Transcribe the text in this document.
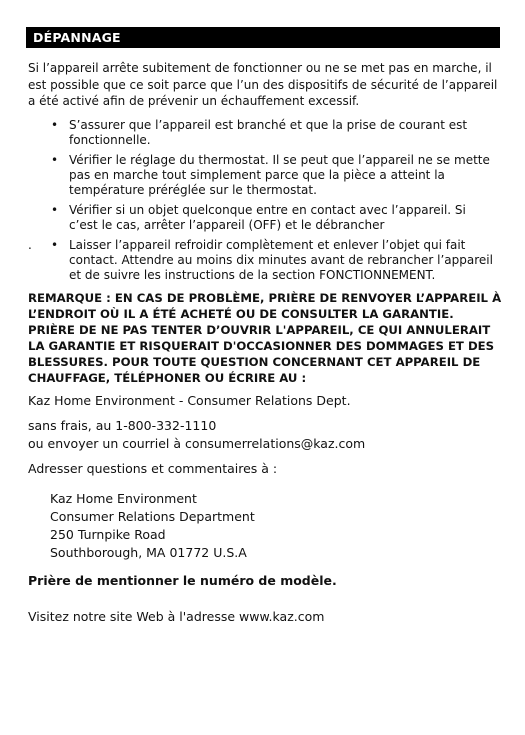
DÉPANNAGE

Si l’appareil arrête subitement de fonctionner ou ne se met pas en marche, il est possible que ce soit parce que l’un des dispositifs de sécurité de l’appareil a été activé afin de prévenir un échauffement excessif.

• S’assurer que l’appareil est branché et que la prise de courant est fonctionnelle.
• Vérifier le réglage du thermostat. Il se peut que l’appareil ne se mette pas en marche tout simplement parce que la pièce a atteint la température préréglée sur le thermostat.
• Vérifier si un objet quelconque entre en contact avec l’appareil. Si c’est le cas, arrêter l’appareil (OFF) et le débrancher
.	• Laisser l’appareil refroidir complètement et enlever l’objet qui fait contact. Attendre au moins dix minutes avant de rebrancher l’appareil et de suivre les instructions de la section FONCTIONNEMENT.

REMARQUE : EN CAS DE PROBLÈME, PRIÈRE DE RENVOYER L’APPAREIL À L’ENDROIT OÙ IL A ÉTÉ ACHETÉ OU DE CONSULTER LA GARANTIE. PRIÈRE DE NE PAS TENTER D’OUVRIR L'APPAREIL, CE QUI ANNULERAIT LA GARANTIE ET RISQUERAIT D'OCCASIONNER DES DOMMAGES ET DES BLESSURES. POUR TOUTE QUESTION CONCERNANT CET APPAREIL DE CHAUFFAGE, TÉLÉPHONER OU ÉCRIRE AU :

Kaz Home Environment - Consumer Relations Dept.

sans frais, au 1-800-332-1110

ou envoyer un courriel à consumerrelations@kaz.com

Adresser questions et commentaires à :

Kaz Home Environment
Consumer Relations Department
250 Turnpike Road
Southborough, MA 01772 U.S.A

Prière de mentionner le numéro de modèle.

Visitez notre site Web à l'adresse www.kaz.com
